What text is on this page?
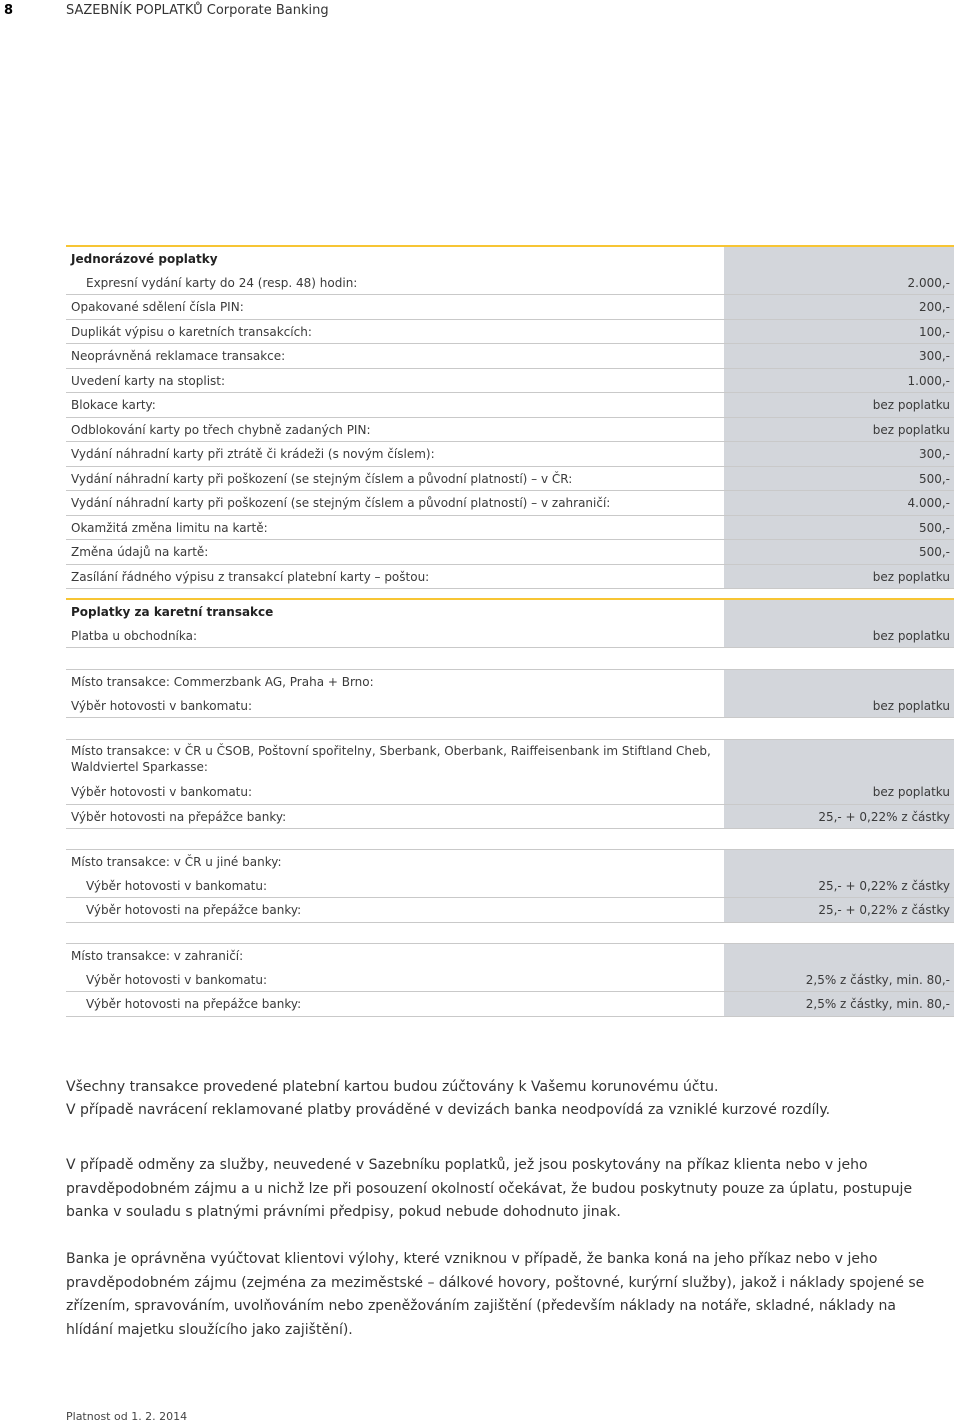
8	SAZEBNÍK POPLATKŮ Corporate Banking
Jednorázové poplatky
Expresní vydání karty do 24 (resp. 48) hodin:	2.000,-
Opakované sdělení čísla PIN:	200,-
Duplikát výpisu o karetních transakcích:	100,-
Neoprávněná reklamace transakce:	300,-
Uvedení karty na stoplist:	1.000,-
Blokace karty:	bez poplatku
Odblokování karty po třech chybně zadaných PIN:	bez poplatku
Vydání náhradní karty při ztrátě či krádeži (s novým číslem):	300,-
Vydání náhradní karty při poškození (se stejným číslem a původní platností) – v ČR:	500,-
Vydání náhradní karty při poškození (se stejným číslem a původní platností) – v zahraničí:	4.000,-
Okamžitá změna limitu na kartě:	500,-
Změna údajů na kartě:	500,-
Zasílání řádného výpisu z transakcí platební karty – poštou:	bez poplatku
Poplatky za karetní transakce
Platba u obchodníka:	bez poplatku
Místo transakce: Commerzbank AG, Praha + Brno:
Výběr hotovosti v bankomatu:	bez poplatku
Místo transakce: v ČR u ČSOB, Poštovní spořitelny, Sberbank, Oberbank, Raiffeisenbank im Stiftland Cheb, Waldviertel Sparkasse:
Výběr hotovosti v bankomatu:	bez poplatku
Výběr hotovosti na přepážce banky:	25,- + 0,22% z částky
Místo transakce: v ČR u jiné banky:
Výběr hotovosti v bankomatu:	25,- + 0,22% z částky
Výběr hotovosti na přepážce banky:	25,- + 0,22% z částky
Místo transakce: v zahraničí:
Výběr hotovosti v bankomatu:	2,5% z částky, min. 80,-
Výběr hotovosti na přepážce banky:	2,5% z částky, min. 80,-

Všechny transakce provedené platební kartou budou zúčtovány k Vašemu korunovému účtu.

V případě navrácení reklamované platby prováděné v devizách banka neodpovídá za vzniklé kurzové rozdíly.

V případě odměny za služby, neuvedené v Sazebníku poplatků, jež jsou poskytovány na příkaz klienta nebo v jeho pravděpodobném zájmu a u nichž lze při posouzení okolností očekávat, že budou poskytnuty pouze za úplatu, postupuje banka v souladu s platnými právními předpisy, pokud nebude dohodnuto jinak.

Banka je oprávněna vyúčtovat klientovi výlohy, které vzniknou v případě, že banka koná na jeho příkaz nebo v jeho pravděpodobném zájmu (zejména za meziměstské – dálkové hovory, poštovné, kurýrní služby), jakož i náklady spojené se zřízením, spravováním, uvolňováním nebo zpeněžováním zajištění (především náklady na notáře, skladné, náklady na hlídání majetku sloužícího jako zajištění).

Platnost od 1. 2. 2014
